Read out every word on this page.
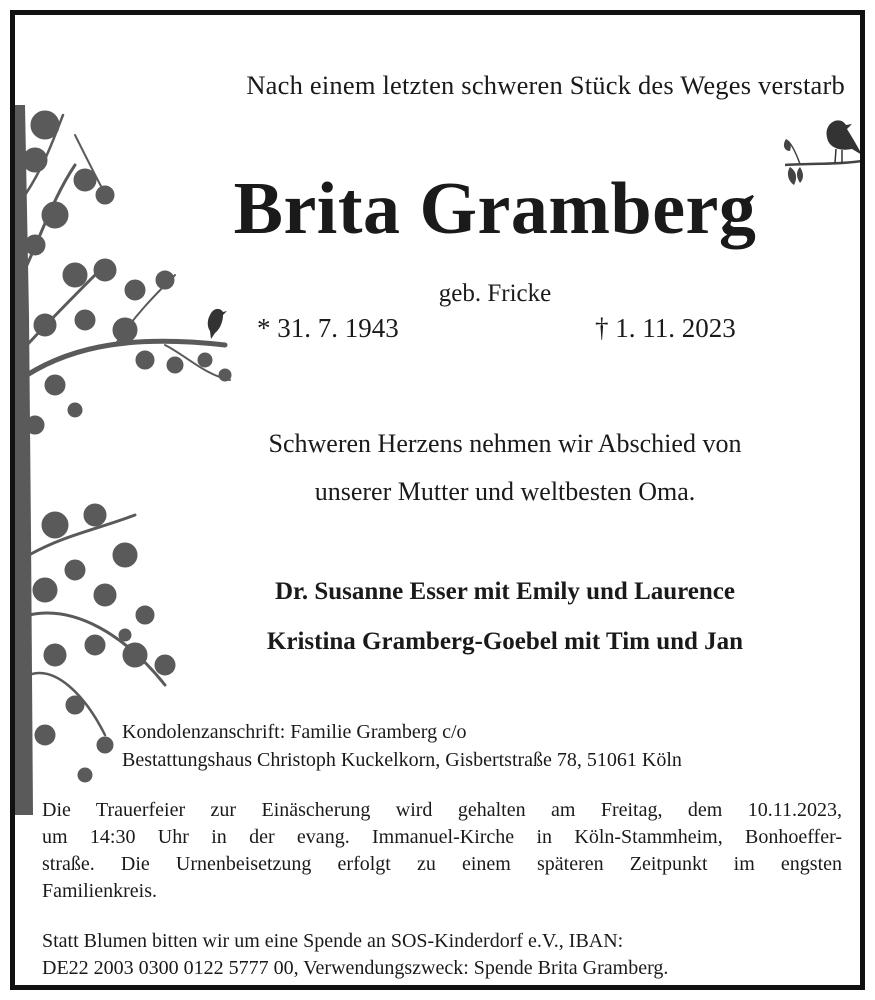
Nach einem letzten schweren Stück des Weges verstarb
Brita Gramberg
geb. Fricke
* 31. 7. 1943	† 1. 11. 2023
Schweren Herzens nehmen wir Abschied von
unserer Mutter und weltbesten Oma.
Dr. Susanne Esser mit Emily und Laurence
Kristina Gramberg-Goebel mit Tim und Jan
Kondolenzanschrift: Familie Gramberg c/o
Bestattungshaus Christoph Kuckelkorn, Gisbertstraße 78, 51061 Köln
Die Trauerfeier zur Einäscherung wird gehalten am Freitag, dem 10.11.2023,
um 14:30 Uhr in der evang. Immanuel-Kirche in Köln-Stammheim, Bonhoeffer-
straße. Die Urnenbeisetzung erfolgt zu einem späteren Zeitpunkt im engsten
Familienkreis.
Statt Blumen bitten wir um eine Spende an SOS-Kinderdorf e.V., IBAN:
DE22 2003 0300 0122 5777 00, Verwendungszweck: Spende Brita Gramberg.
